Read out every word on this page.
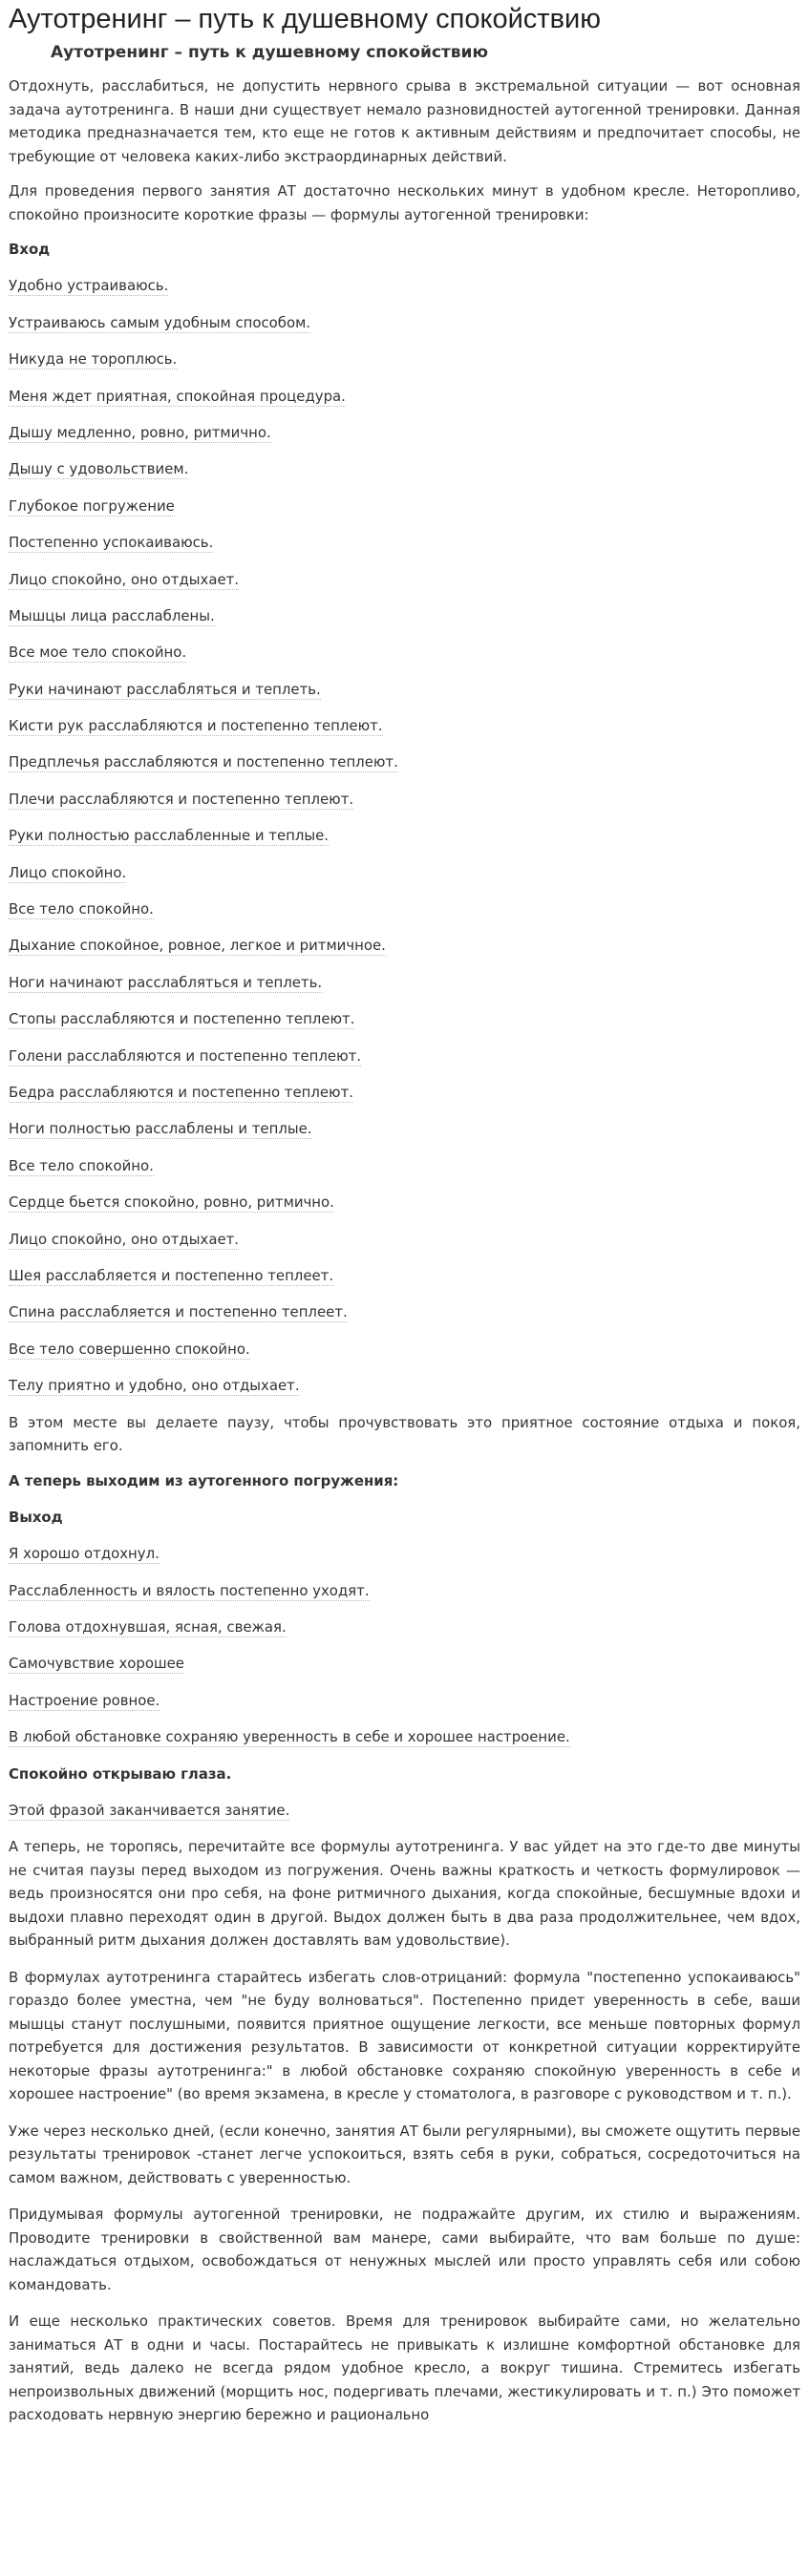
Аутотренинг – путь к душевному спокойствию
Аутотренинг – путь к душевному спокойствию

Отдохнуть, расслабиться, не допустить нервного срыва в экстремальной ситуации — вот основная задача аутотренинга. В наши дни существует немало разновидностей аутогенной тренировки. Данная методика предназначается тем, кто еще не готов к активным действиям и предпочитает способы, не требующие от человека каких-либо экстраординарных действий.

Для проведения первого занятия АТ достаточно нескольких минут в удобном кресле. Неторопливо, спокойно произносите короткие фразы — формулы аутогенной тренировки:

Вход

Удобно устраиваюсь.

Устраиваюсь самым удобным способом.

Никуда не тороплюсь.

Меня ждет приятная, спокойная процедура.

Дышу медленно, ровно, ритмично.

Дышу с удовольствием.

Глубокое погружение

Постепенно успокаиваюсь.

Лицо спокойно, оно отдыхает.

Мышцы лица расслаблены.

Все мое тело спокойно.

Руки начинают расслабляться и теплеть.

Кисти рук расслабляются и постепенно теплеют.

Предплечья расслабляются и постепенно теплеют.

Плечи расслабляются и постепенно теплеют.

Руки полностью расслабленные и теплые.

Лицо спокойно.

Все тело спокойно.

Дыхание спокойное, ровное, легкое и ритмичное.

Ноги начинают расслабляться и теплеть.

Стопы расслабляются и постепенно теплеют.

Голени расслабляются и постепенно теплеют.

Бедра расслабляются и постепенно теплеют.

Ноги полностью расслаблены и теплые.

Все тело спокойно.

Сердце бьется спокойно, ровно, ритмично.

Лицо спокойно, оно отдыхает.

Шея расслабляется и постепенно теплеет.

Спина расслабляется и постепенно теплеет.

Все тело совершенно спокойно.

Телу приятно и удобно, оно отдыхает.

В этом месте вы делаете паузу, чтобы прочувствовать это приятное состояние отдыха и покоя, запомнить его.

А теперь выходим из аутогенного погружения:

Выход

Я хорошо отдохнул.

Расслабленность и вялость постепенно уходят.

Голова отдохнувшая, ясная, свежая.

Самочувствие хорошее

Настроение ровное.

В любой обстановке сохраняю уверенность в себе и хорошее настроение.

Спокойно открываю глаза.

Этой фразой заканчивается занятие.

А теперь, не торопясь, перечитайте все формулы аутотренинга. У вас уйдет на это где-то две минуты не считая паузы перед выходом из погружения. Очень важны краткость и четкость формулировок — ведь произносятся они про себя, на фоне ритмичного дыхания, когда спокойные, бесшумные вдохи и выдохи плавно переходят один в другой. Выдох должен быть в два раза продолжительнее, чем вдох, выбранный ритм дыхания должен доставлять вам удовольствие).

В формулах аутотренинга старайтесь избегать слов-отрицаний: формула "постепенно успокаиваюсь" гораздо более уместна, чем "не буду волноваться". Постепенно придет уверенность в себе, ваши мышцы станут послушными, появится приятное ощущение легкости, все меньше повторных формул потребуется для достижения результатов. В зависимости от конкретной ситуации корректируйте некоторые фразы аутотренинга:" в любой обстановке сохраняю спокойную уверенность в себе и хорошее настроение" (во время экзамена, в кресле у стоматолога, в разговоре с руководством и т. п.).

Уже через несколько дней, (если конечно, занятия АТ были регулярными), вы сможете ощутить первые результаты тренировок -станет легче успокоиться, взять себя в руки, собраться, сосредоточиться на самом важном, действовать с уверенностью.

Придумывая формулы аутогенной тренировки, не подражайте другим, их стилю и выражениям. Проводите тренировки в свойственной вам манере, сами выбирайте, что вам больше по душе: наслаждаться отдыхом, освобождаться от ненужных мыслей или просто управлять себя или собою командовать.

И еще несколько практических советов. Время для тренировок выбирайте сами, но желательно заниматься АТ в одни и часы. Постарайтесь не привыкать к излишне комфортной обстановке для занятий, ведь далеко не всегда рядом удобное кресло, а вокруг тишина. Стремитесь избегать непроизвольных движений (морщить нос, подергивать плечами, жестикулировать и т. п.) Это поможет расходовать нервную энергию бережно и рационально
